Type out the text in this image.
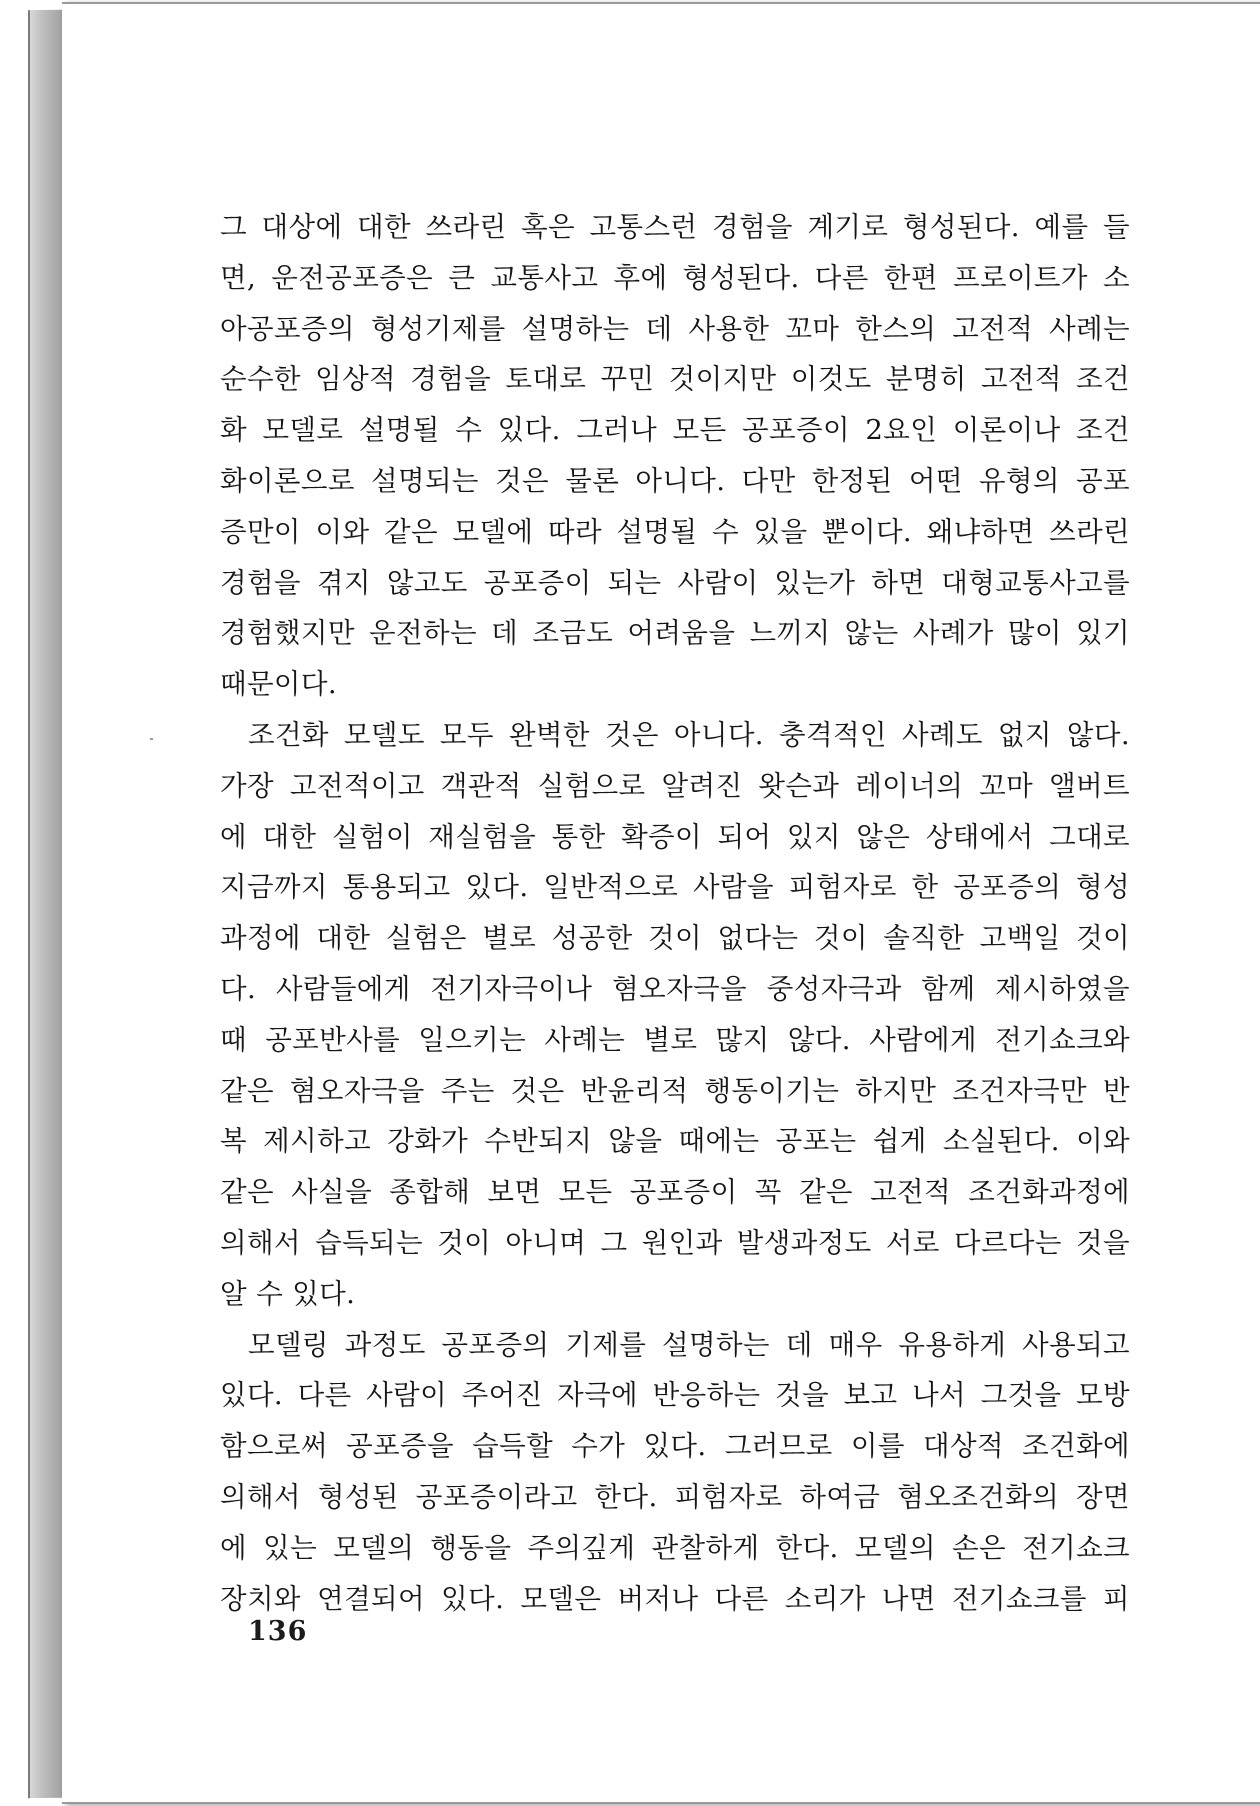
그 대상에 대한 쓰라린 혹은 고통스런 경험을 계기로 형성된다. 예를 들
면, 운전공포증은 큰 교통사고 후에 형성된다. 다른 한편 프로이트가 소
아공포증의 형성기제를 설명하는 데 사용한 꼬마 한스의 고전적 사례는
순수한 임상적 경험을 토대로 꾸민 것이지만 이것도 분명히 고전적 조건
화 모델로 설명될 수 있다. 그러나 모든 공포증이 2요인 이론이나 조건
화이론으로 설명되는 것은 물론 아니다. 다만 한정된 어떤 유형의 공포
증만이 이와 같은 모델에 따라 설명될 수 있을 뿐이다. 왜냐하면 쓰라린
경험을 겪지 않고도 공포증이 되는 사람이 있는가 하면 대형교통사고를
경험했지만 운전하는 데 조금도 어려움을 느끼지 않는 사례가 많이 있기
때문이다.
조건화 모델도 모두 완벽한 것은 아니다. 충격적인 사례도 없지 않다.
가장 고전적이고 객관적 실험으로 알려진 왓슨과 레이너의 꼬마 앨버트
에 대한 실험이 재실험을 통한 확증이 되어 있지 않은 상태에서 그대로
지금까지 통용되고 있다. 일반적으로 사람을 피험자로 한 공포증의 형성
과정에 대한 실험은 별로 성공한 것이 없다는 것이 솔직한 고백일 것이
다. 사람들에게 전기자극이나 혐오자극을 중성자극과 함께 제시하였을
때 공포반사를 일으키는 사례는 별로 많지 않다. 사람에게 전기쇼크와
같은 혐오자극을 주는 것은 반윤리적 행동이기는 하지만 조건자극만 반
복 제시하고 강화가 수반되지 않을 때에는 공포는 쉽게 소실된다. 이와
같은 사실을 종합해 보면 모든 공포증이 꼭 같은 고전적 조건화과정에
의해서 습득되는 것이 아니며 그 원인과 발생과정도 서로 다르다는 것을
알 수 있다.
모델링 과정도 공포증의 기제를 설명하는 데 매우 유용하게 사용되고
있다. 다른 사람이 주어진 자극에 반응하는 것을 보고 나서 그것을 모방
함으로써 공포증을 습득할 수가 있다. 그러므로 이를 대상적 조건화에
의해서 형성된 공포증이라고 한다. 피험자로 하여금 혐오조건화의 장면
에 있는 모델의 행동을 주의깊게 관찰하게 한다. 모델의 손은 전기쇼크
장치와 연결되어 있다. 모델은 버저나 다른 소리가 나면 전기쇼크를 피
136
